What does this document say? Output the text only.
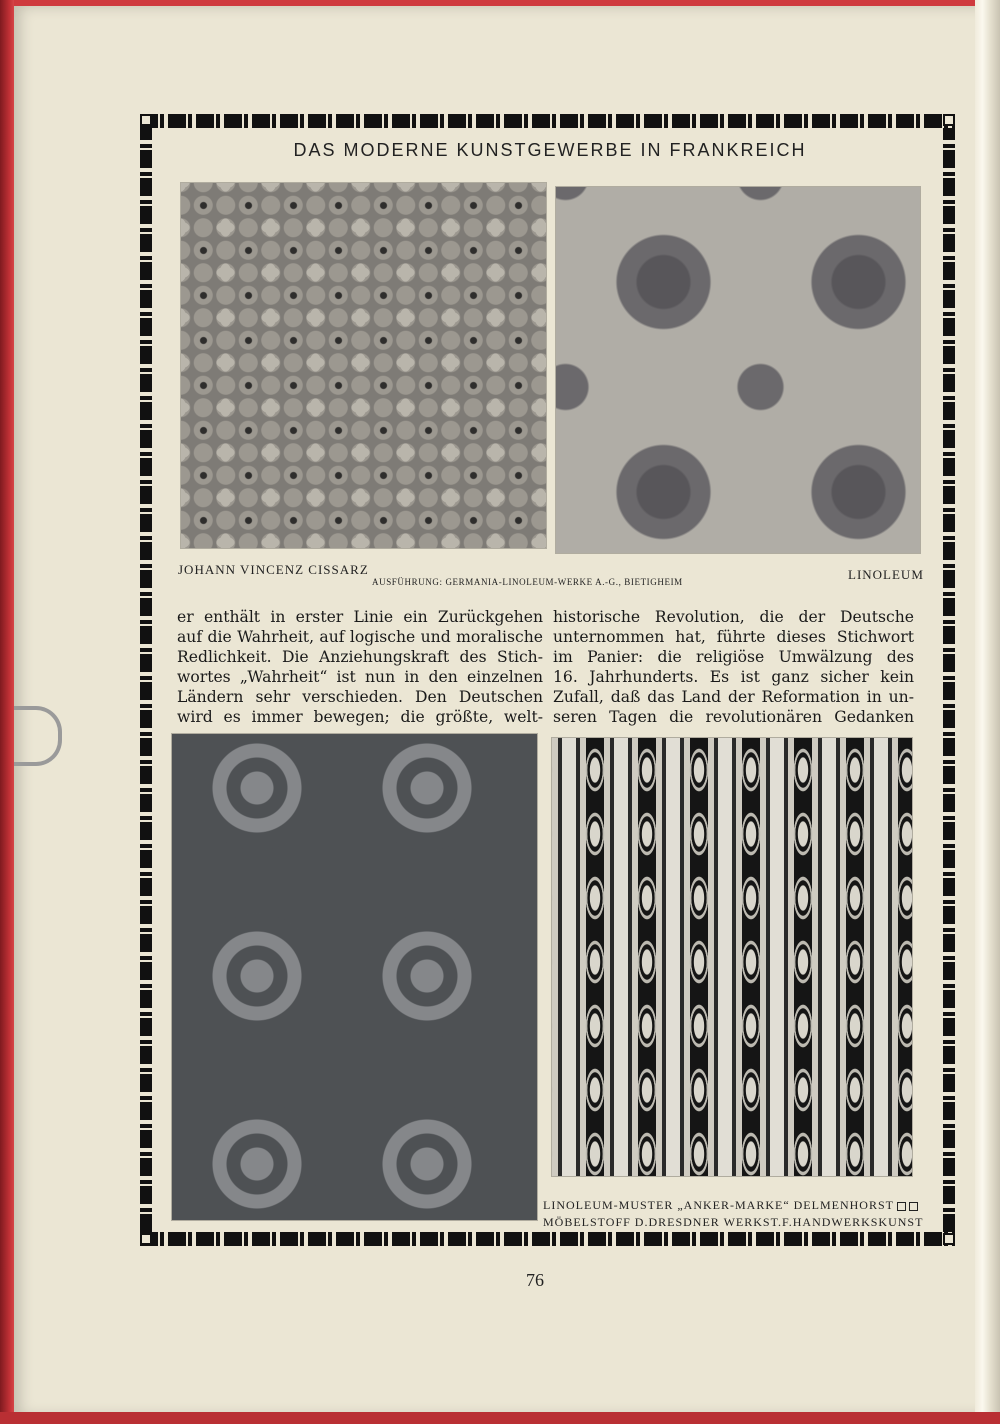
DAS MODERNE KUNSTGEWERBE IN FRANKREICH
JOHANN VINCENZ CISSARZ
AUSFÜHRUNG: GERMANIA-LINOLEUM-WERKE A.-G., BIETIGHEIM	LINOLEUM
er enthält in erster Linie ein Zurückgehen
auf die Wahrheit, auf logische und moralische
Redlichkeit. Die Anziehungskraft des Stich-
wortes „Wahrheit“ ist nun in den einzelnen
Ländern sehr verschieden. Den Deutschen
wird es immer bewegen; die größte, welt-
historische Revolution, die der Deutsche
unternommen hat, führte dieses Stichwort
im Panier: die religiöse Umwälzung des
16. Jahrhunderts. Es ist ganz sicher kein
Zufall, daß das Land der Reformation in un-
seren Tagen die revolutionären Gedanken
LINOLEUM-MUSTER „ANKER-MARKE“ DELMENHORST
MÖBELSTOFF D.DRESDNER WERKST.F.HANDWERKSKUNST
76
